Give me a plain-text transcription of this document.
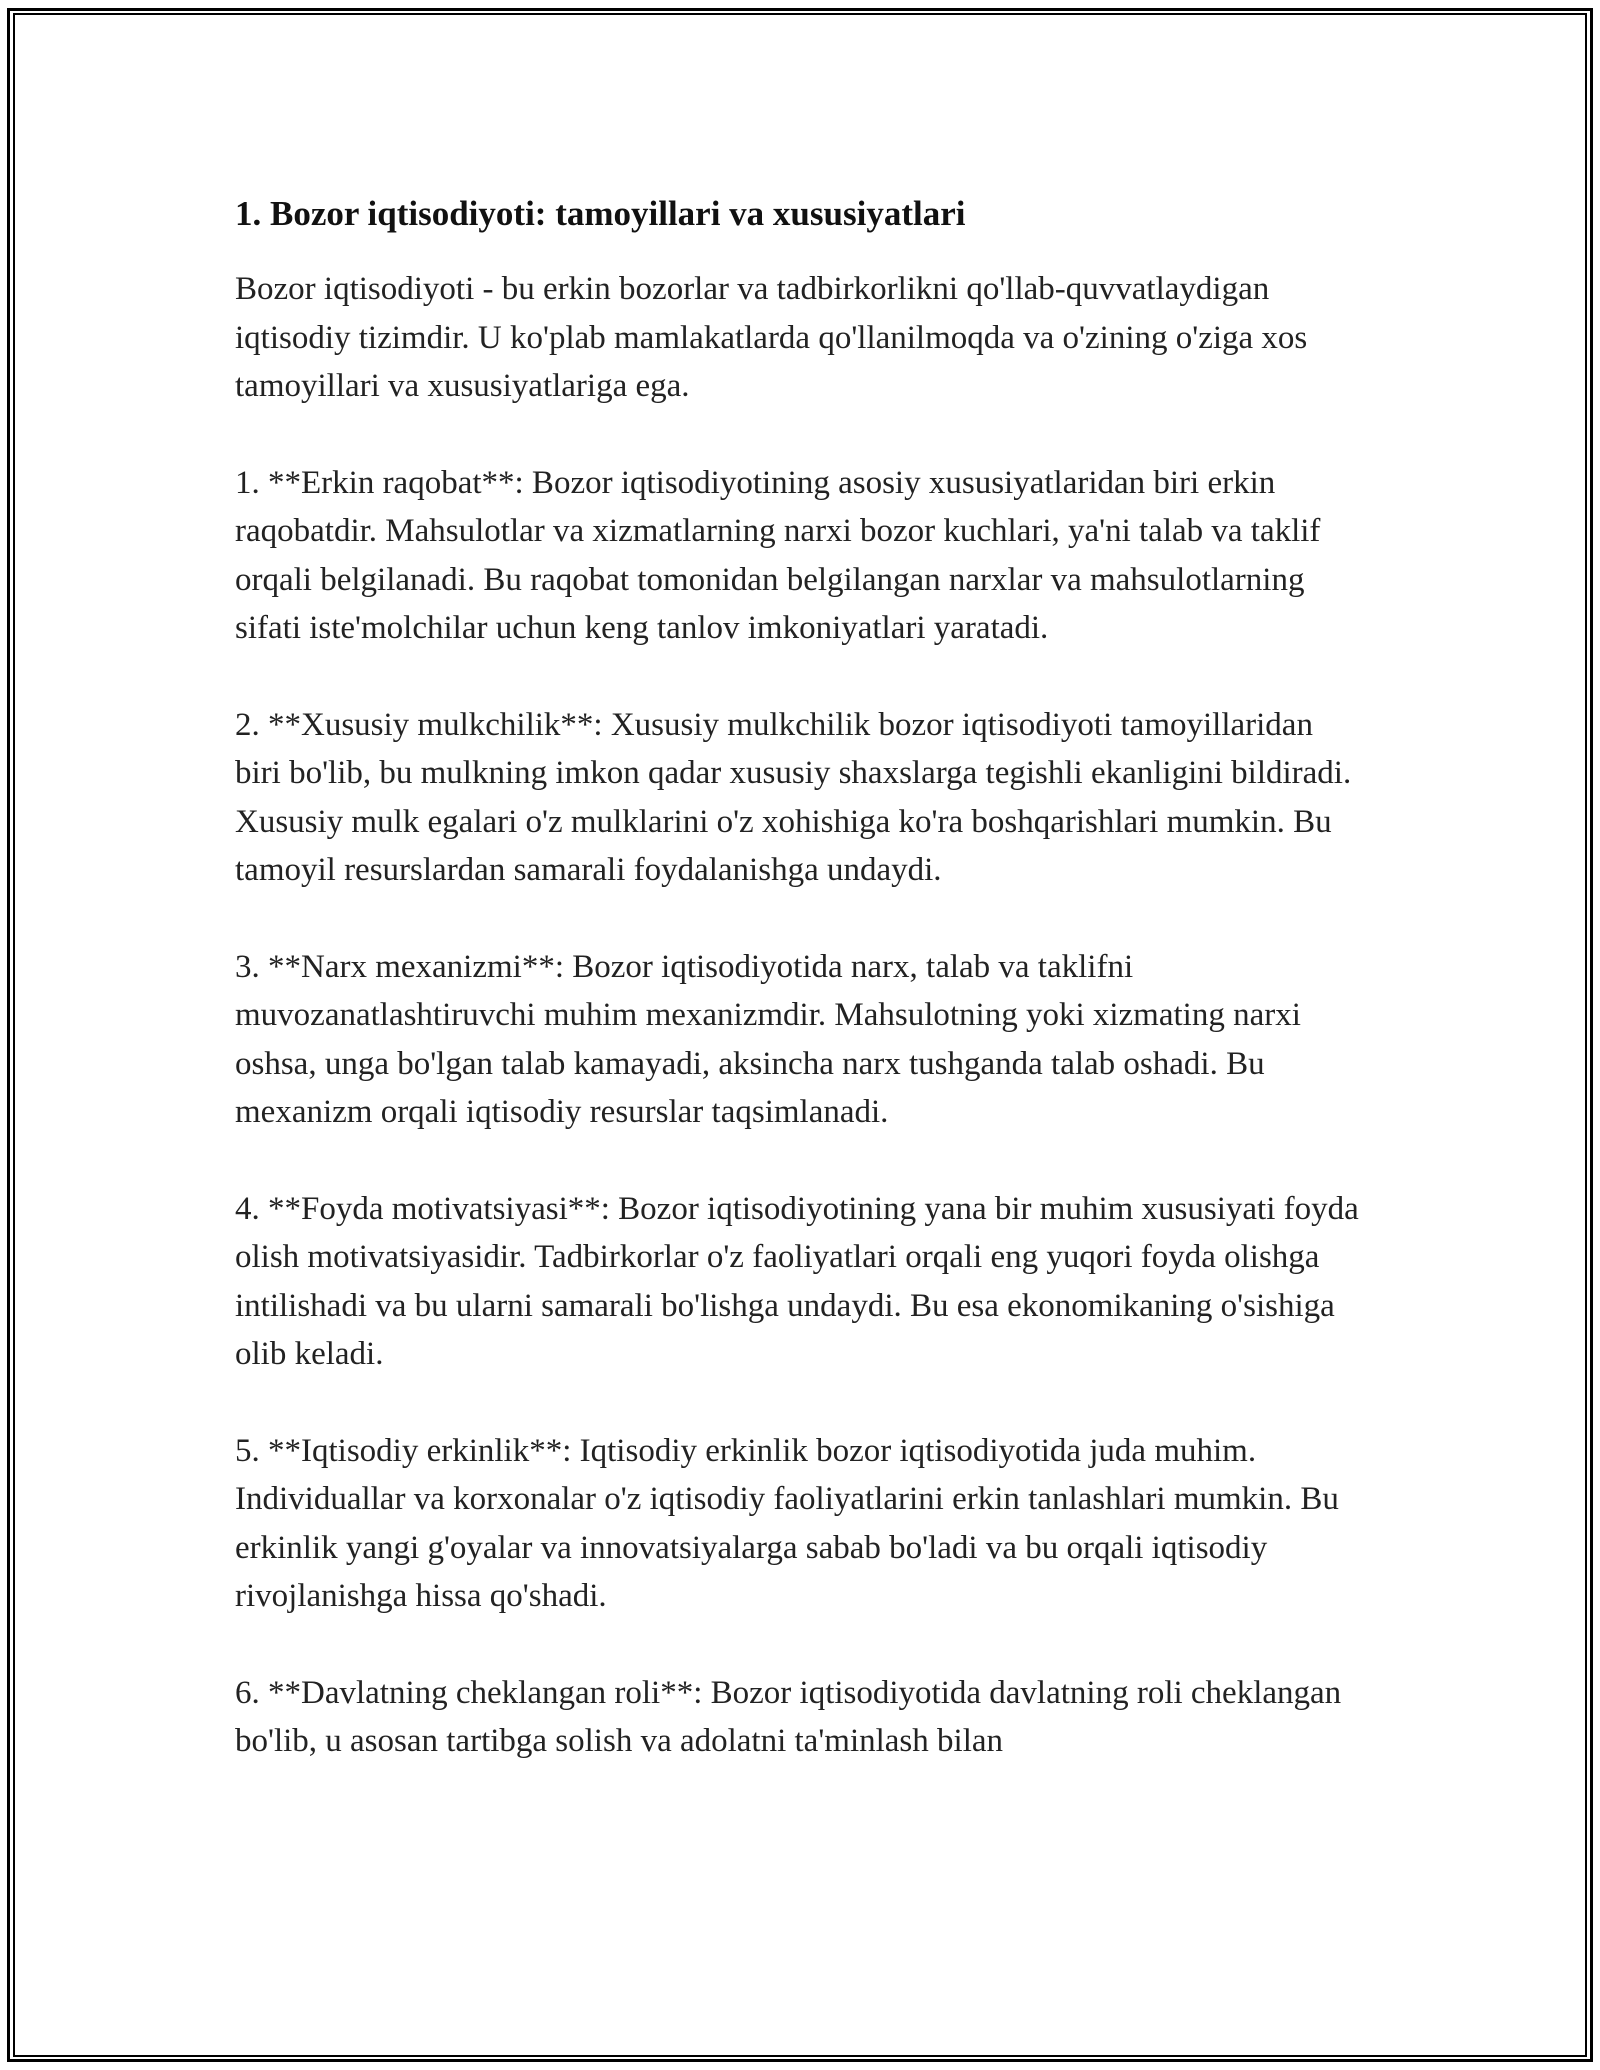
1. Bozor iqtisodiyoti: tamoyillari va xususiyatlari

Bozor iqtisodiyoti - bu erkin bozorlar va tadbirkorlikni qo'llab-quvvatlaydigan iqtisodiy tizimdir. U ko'plab mamlakatlarda qo'llanilmoqda va o'zining o'ziga xos tamoyillari va xususiyatlariga ega.

1. **Erkin raqobat**: Bozor iqtisodiyotining asosiy xususiyatlaridan biri erkin raqobatdir. Mahsulotlar va xizmatlarning narxi bozor kuchlari, ya'ni talab va taklif orqali belgilanadi. Bu raqobat tomonidan belgilangan narxlar va mahsulotlarning sifati iste'molchilar uchun keng tanlov imkoniyatlari yaratadi.

2. **Xususiy mulkchilik**: Xususiy mulkchilik bozor iqtisodiyoti tamoyillaridan biri bo'lib, bu mulkning imkon qadar xususiy shaxslarga tegishli ekanligini bildiradi. Xususiy mulk egalari o'z mulklarini o'z xohishiga ko'ra boshqarishlari mumkin. Bu tamoyil resurslardan samarali foydalanishga undaydi.

3. **Narx mexanizmi**: Bozor iqtisodiyotida narx, talab va taklifni muvozanatlashtiruvchi muhim mexanizmdir. Mahsulotning yoki xizmating narxi oshsa, unga bo'lgan talab kamayadi, aksincha narx tushganda talab oshadi. Bu mexanizm orqali iqtisodiy resurslar taqsimlanadi.

4. **Foyda motivatsiyasi**: Bozor iqtisodiyotining yana bir muhim xususiyati foyda olish motivatsiyasidir. Tadbirkorlar o'z faoliyatlari orqali eng yuqori foyda olishga intilishadi va bu ularni samarali bo'lishga undaydi. Bu esa ekonomikaning o'sishiga olib keladi.

5. **Iqtisodiy erkinlik**: Iqtisodiy erkinlik bozor iqtisodiyotida juda muhim. Individuallar va korxonalar o'z iqtisodiy faoliyatlarini erkin tanlashlari mumkin. Bu erkinlik yangi g'oyalar va innovatsiyalarga sabab bo'ladi va bu orqali iqtisodiy rivojlanishga hissa qo'shadi.

6. **Davlatning cheklangan roli**: Bozor iqtisodiyotida davlatning roli cheklangan bo'lib, u asosan tartibga solish va adolatni ta'minlash bilan
